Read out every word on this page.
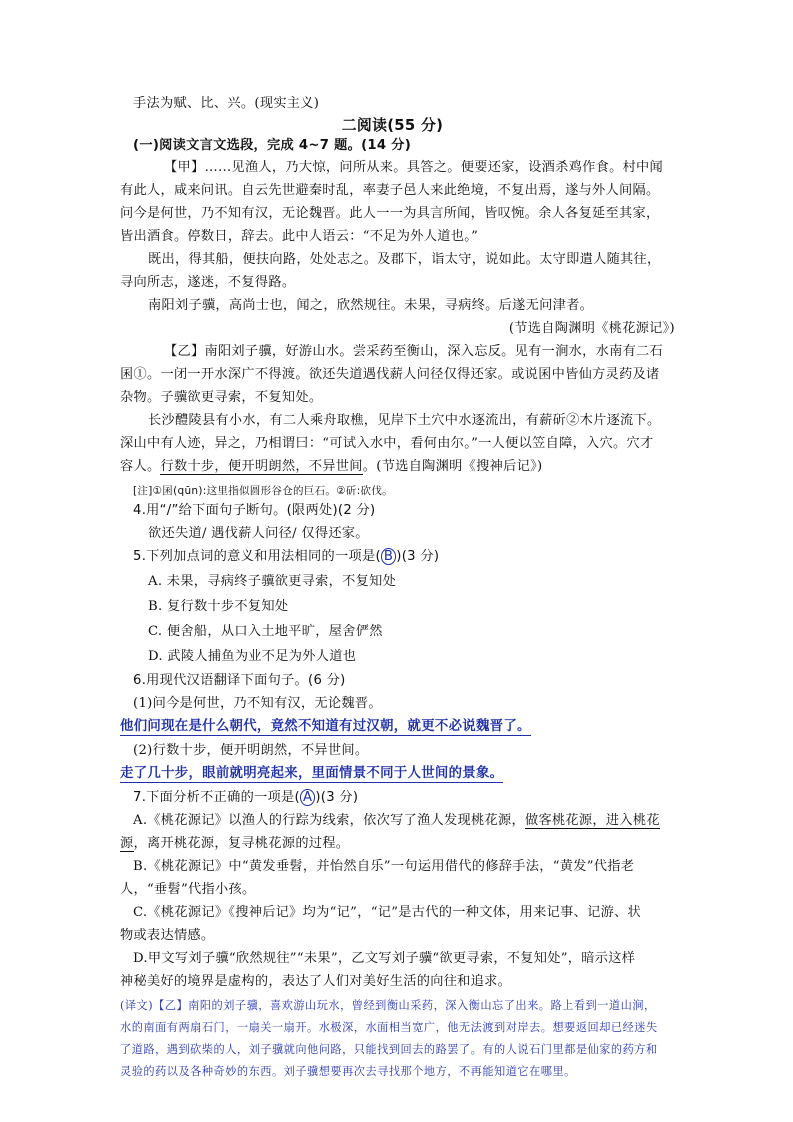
手法为赋、比、兴。(现实主义)
二阅读(55 分)
(一)阅读文言文选段，完成 4~7 题。(14 分)
【甲】……见渔人，乃大惊，问所从来。具答之。便要还家，设酒杀鸡作食。村中闻
有此人，咸来问讯。自云先世避秦时乱，率妻子邑人来此绝境，不复出焉，遂与外人间隔。
问今是何世，乃不知有汉，无论魏晋。此人一一为具言所闻，皆叹惋。余人各复延至其家，
皆出酒食。停数日，辞去。此中人语云：“不足为外人道也。”
既出，得其船，便扶向路，处处志之。及郡下，诣太守，说如此。太守即遣人随其往，
寻向所志，遂迷，不复得路。
南阳刘子骥，高尚士也，闻之，欣然规往。未果，寻病终。后遂无问津者。
(节选自陶渊明《桃花源记》)
【乙】南阳刘子骥，好游山水。尝采药至衡山，深入忘反。见有一涧水，水南有二石
囷①。一闭一开水深广不得渡。欲还失道遇伐薪人问径仅得还家。或说囷中皆仙方灵药及诸
杂物。子骥欲更寻索，不复知处。
长沙醴陵县有小水，有二人乘舟取樵，见岸下土穴中水逐流出，有薪斫②木片逐流下。
深山中有人迹，异之，乃相谓曰：“可试入水中，看何由尔。”一人便以笠自障，入穴。穴才
容人。行数十步，便开明朗然，不异世间。(节选自陶渊明《搜神后记》)
[注]①囷(qūn):这里指似圆形谷仓的巨石。②斫:砍伐。
4.用“/”给下面句子断句。(限两处)(2 分)
欲还失道/ 遇伐薪人问径/ 仅得还家。
5.下列加点词的意义和用法相同的一项是( B )(3 分)
A. 未果，寻病终子骥欲更寻索，不复知处
B. 复行数十步不复知处
C. 便舍船，从口入土地平旷，屋舍俨然
D. 武陵人捕鱼为业不足为外人道也
6.用现代汉语翻译下面句子。(6 分)
(1)问今是何世，乃不知有汉，无论魏晋。
他们问现在是什么朝代，竟然不知道有过汉朝，就更不必说魏晋了。
(2)行数十步，便开明朗然，不异世间。
走了几十步，眼前就明亮起来，里面情景不同于人世间的景象。
7.下面分析不正确的一项是( A )(3 分)
A.《桃花源记》以渔人的行踪为线索，依次写了渔人发现桃花源，做客桃花源，进入桃花
源，离开桃花源，复寻桃花源的过程。
B.《桃花源记》中“黄发垂髫，并怡然自乐”一句运用借代的修辞手法，“黄发”代指老
人，“垂髫”代指小孩。
C.《桃花源记》《搜神后记》均为“记”，“记”是古代的一种文体，用来记事、记游、状
物或表达情感。
D.甲文写刘子骥“欣然规往”“未果”，乙文写刘子骥“欲更寻索，不复知处”，暗示这样
神秘美好的境界是虚构的，表达了人们对美好生活的向往和追求。
(译文)【乙】南阳的刘子骥，喜欢游山玩水，曾经到衡山采药，深入衡山忘了出来。路上看到一道山涧，
水的南面有两扇石门，一扇关一扇开。水极深，水面相当宽广，他无法渡到对岸去。想要返回却已经迷失
了道路，遇到砍柴的人，刘子骥就向他问路，只能找到回去的路罢了。有的人说石门里都是仙家的药方和
灵验的药以及各种奇妙的东西。刘子骥想要再次去寻找那个地方，不再能知道它在哪里。
